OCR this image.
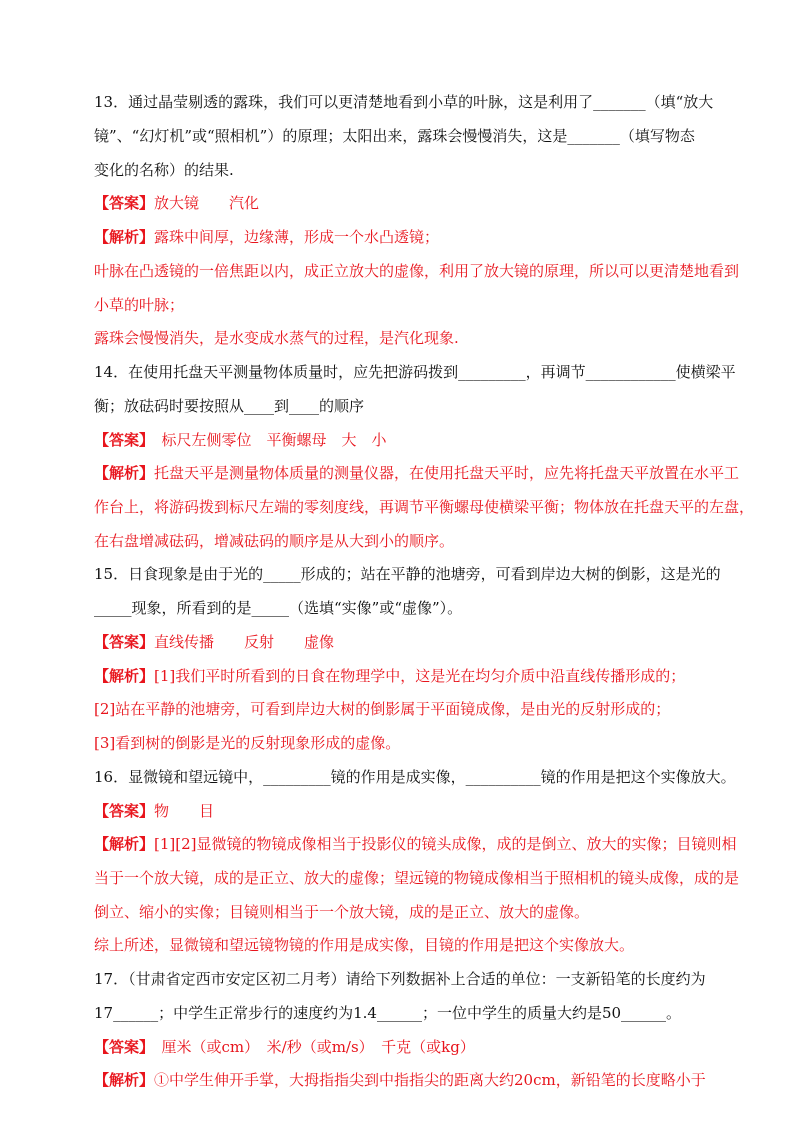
13．通过晶莹剔透的露珠，我们可以更清楚地看到小草的叶脉，这是利用了_______（填“放大
镜”、“幻灯机”或“照相机”）的原理；太阳出来，露珠会慢慢消失，这是_______（填写物态
变化的名称）的结果.
【答案】放大镜　　汽化
【解析】露珠中间厚，边缘薄，形成一个水凸透镜；
叶脉在凸透镜的一倍焦距以内，成正立放大的虚像，利用了放大镜的原理，所以可以更清楚地看到
小草的叶脉；
露珠会慢慢消失，是水变成水蒸气的过程，是汽化现象.
14．在使用托盘天平测量物体质量时，应先把游码拨到_________，再调节____________使横梁平
衡；放砝码时要按照从____到____的顺序
【答案】　标尺左侧零位　平衡螺母　大　小
【解析】托盘天平是测量物体质量的测量仪器，在使用托盘天平时，应先将托盘天平放置在水平工
作台上，将游码拨到标尺左端的零刻度线，再调节平衡螺母使横梁平衡；物体放在托盘天平的左盘，
在右盘增减砝码，增减砝码的顺序是从大到小的顺序。
15．日食现象是由于光的_____形成的；站在平静的池塘旁，可看到岸边大树的倒影，这是光的
_____现象，所看到的是_____（选填“实像”或“虚像”）。
【答案】直线传播　　反射　　虚像
【解析】[1]我们平时所看到的日食在物理学中，这是光在均匀介质中沿直线传播形成的；
[2]站在平静的池塘旁，可看到岸边大树的倒影属于平面镜成像，是由光的反射形成的；
[3]看到树的倒影是光的反射现象形成的虚像。
16．显微镜和望远镜中，_________镜的作用是成实像，__________镜的作用是把这个实像放大。
【答案】物　　目
【解析】[1][2]显微镜的物镜成像相当于投影仪的镜头成像，成的是倒立、放大的实像；目镜则相
当于一个放大镜，成的是正立、放大的虚像；望远镜的物镜成像相当于照相机的镜头成像，成的是
倒立、缩小的实像；目镜则相当于一个放大镜，成的是正立、放大的虚像。
综上所述，显微镜和望远镜物镜的作用是成实像，目镜的作用是把这个实像放大。
17．（甘肃省定西市安定区初二月考）请给下列数据补上合适的单位：一支新铅笔的长度约为
17______；中学生正常步行的速度约为1.4______；一位中学生的质量大约是50______。
【答案】　厘米（或cm）　米/秒（或m/s）　千克（或kg）
【解析】①中学生伸开手掌，大拇指指尖到中指指尖的距离大约20cm，新铅笔的长度略小于
